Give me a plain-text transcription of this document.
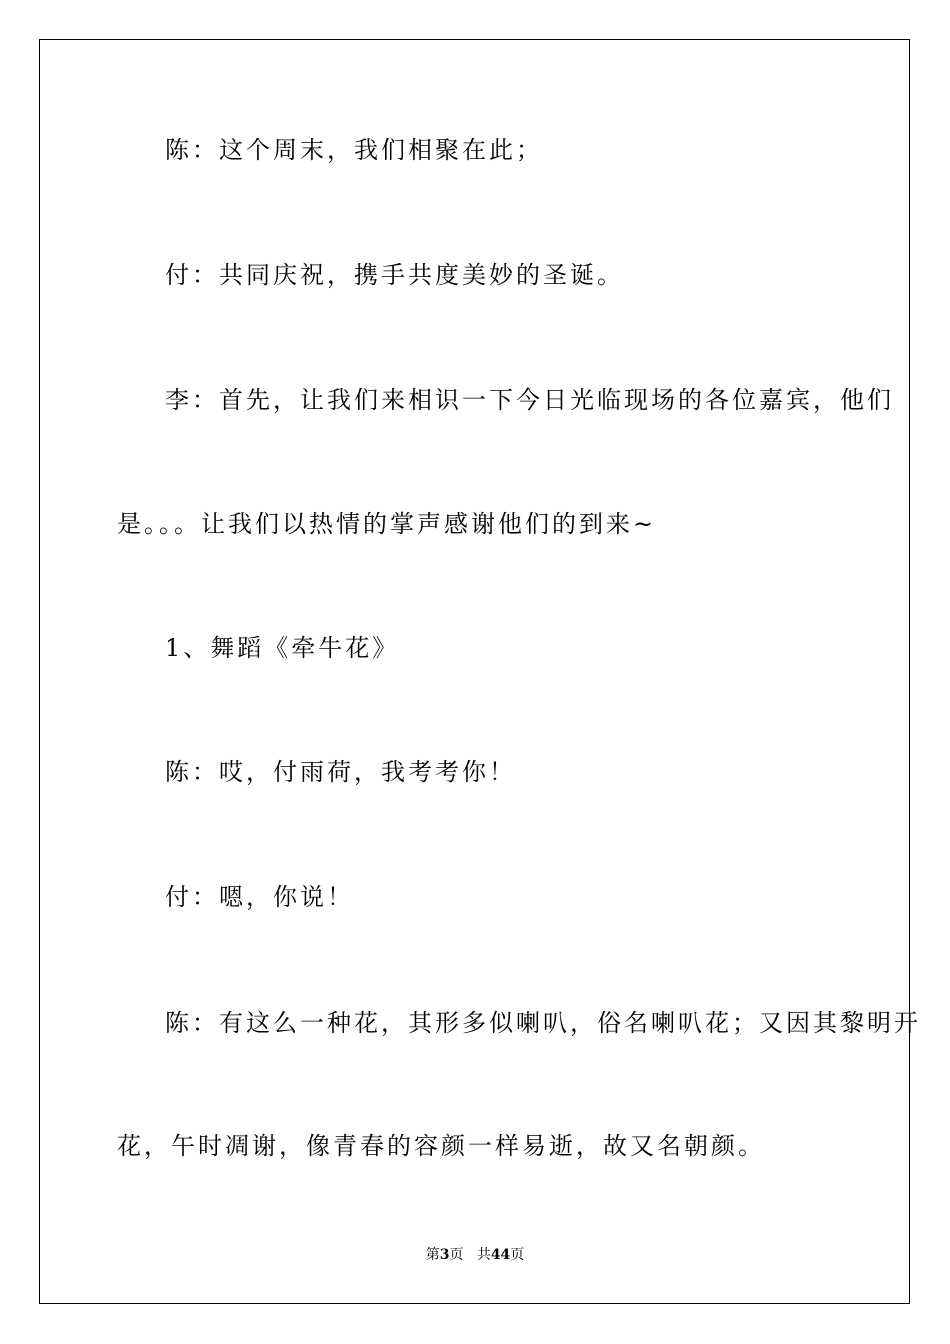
陈：这个周末，我们相聚在此；
付：共同庆祝，携手共度美妙的圣诞。
李：首先，让我们来相识一下今日光临现场的各位嘉宾，他们
是。。。让我们以热情的掌声感谢他们的到来~
1、舞蹈《牵牛花》
陈：哎，付雨荷，我考考你！
付：嗯，你说！
陈：有这么一种花，其形多似喇叭，俗名喇叭花；又因其黎明开
花，午时凋谢，像青春的容颜一样易逝，故又名朝颜。
第3页 共44页
